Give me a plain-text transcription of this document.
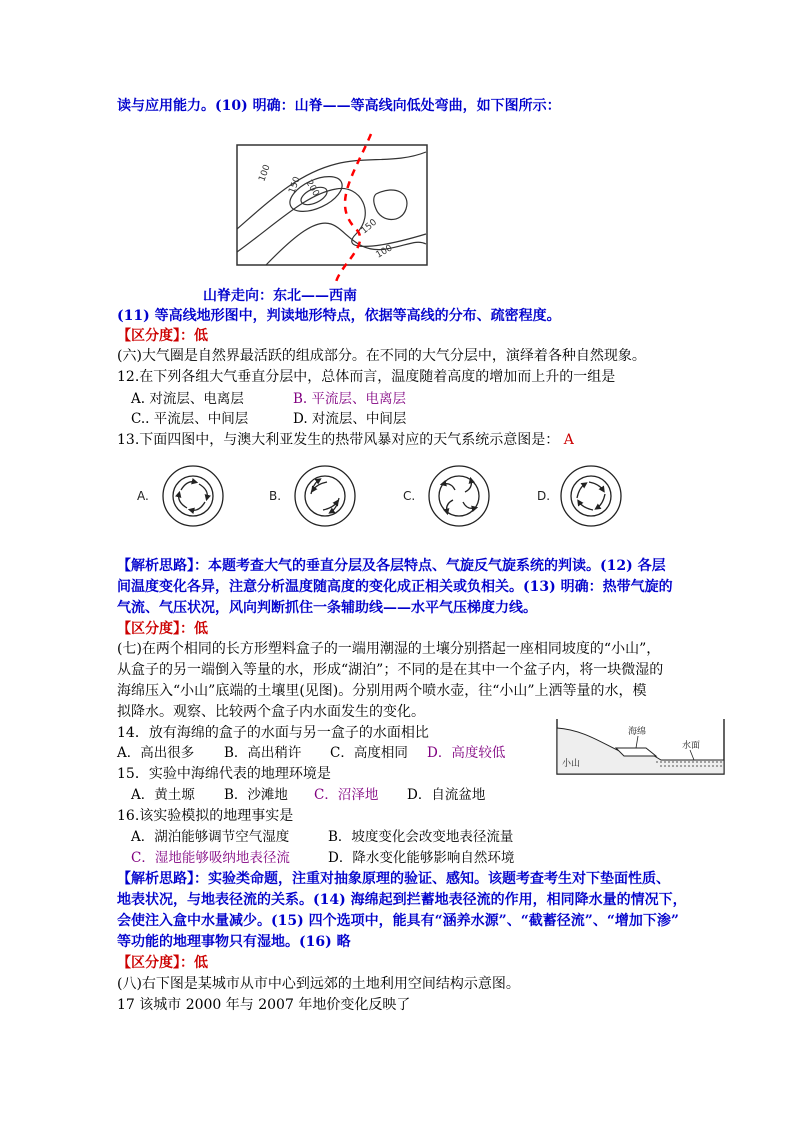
读与应用能力。(10) 明确：山脊——等高线向低处弯曲，如下图所示：
100
150 200
150
100
山脊走向：东北——西南
(11) 等高线地形图中，判读地形特点，依据等高线的分布、疏密程度。
【区分度】：低
(六)大气圈是自然界最活跃的组成部分。在不同的大气分层中，演绎着各种自然现象。
12.在下列各组大气垂直分层中，总体而言，温度随着高度的增加而上升的一组是
A. 对流层、电离层	B. 平流层、电离层
C.. 平流层、中间层	D. 对流层、中间层
13.下面四图中，与澳大利亚发生的热带风暴对应的天气系统示意图是： A
A.	B.	C.	D.
【解析思路】：本题考查大气的垂直分层及各层特点、气旋反气旋系统的判读。(12) 各层
间温度变化各异，注意分析温度随高度的变化成正相关或负相关。(13) 明确：热带气旋的
气流、气压状况，风向判断抓住一条辅助线——水平气压梯度力线。
【区分度】：低
(七)在两个相同的长方形塑料盒子的一端用潮湿的土壤分别搭起一座相同坡度的“小山”，
从盒子的另一端倒入等量的水，形成“湖泊”；不同的是在其中一个盆子内，将一块微湿的
海绵压入“小山”底端的土壤里(见图)。分别用两个喷水壶，往“小山”上洒等量的水，模
拟降水。观察、比较两个盒子内水面发生的变化。
14．放有海绵的盒子的水面与另一盒子的水面相比	海绵
水面
小山
A．高出很多 B．高出稍许 C．高度相同 D．高度较低
15．实验中海绵代表的地理环境是
A．黄土塬 B．沙滩地 C．沼泽地 D．自流盆地
16.该实验模拟的地理事实是
A．湖泊能够调节空气湿度	B．坡度变化会改变地表径流量
C．湿地能够吸纳地表径流	D．降水变化能够影响自然环境
【解析思路】：实验类命题，注重对抽象原理的验证、感知。该题考查考生对下垫面性质、
地表状况，与地表径流的关系。(14) 海绵起到拦蓄地表径流的作用，相同降水量的情况下，
会使注入盒中水量减少。(15) 四个选项中，能具有“涵养水源”、“截蓄径流”、“增加下渗”
等功能的地理事物只有湿地。(16) 略
【区分度】：低
(八)右下图是某城市从市中心到远郊的土地利用空间结构示意图。
17 该城市 2000 年与 2007 年地价变化反映了
